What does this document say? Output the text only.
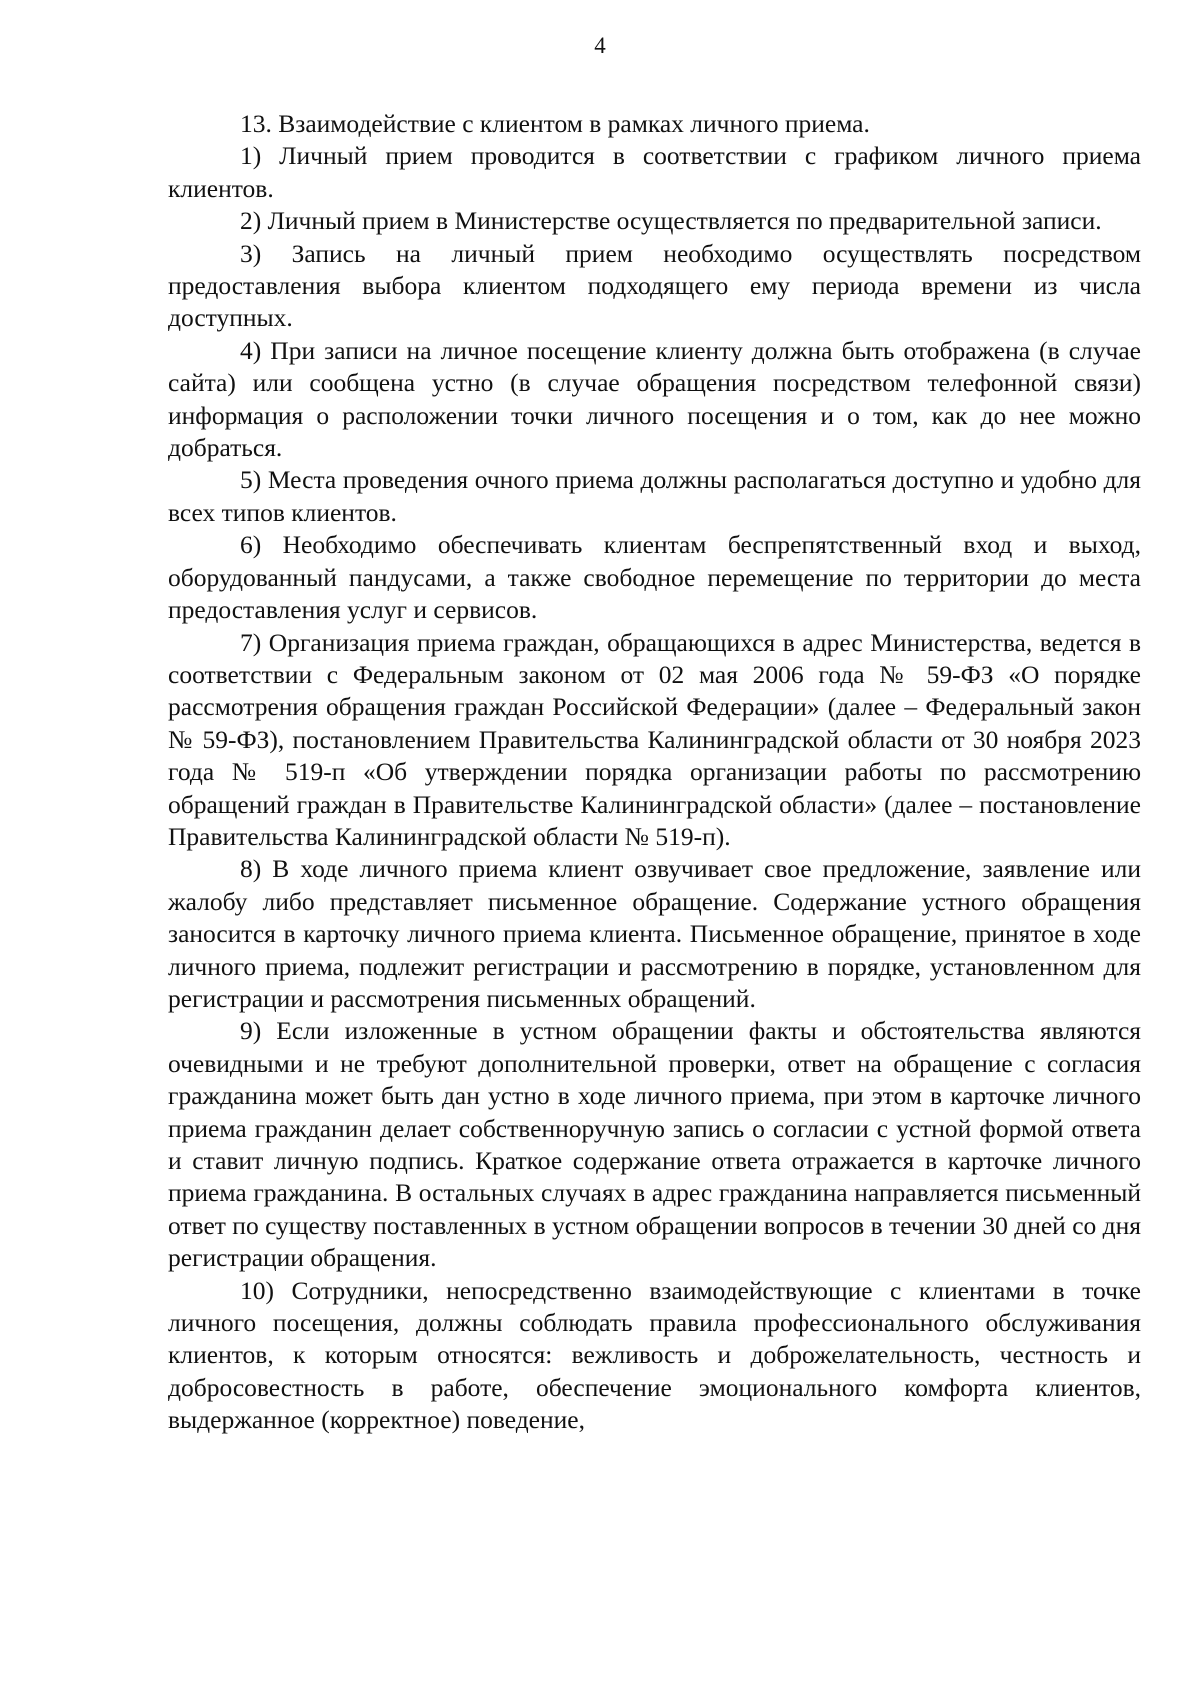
4

13. Взаимодействие с клиентом в рамках личного приема.

1) Личный прием проводится в соответствии с графиком личного приема клиентов.

2) Личный прием в Министерстве осуществляется по предварительной записи.

3) Запись на личный прием необходимо осуществлять посредством предоставления выбора клиентом подходящего ему периода времени из числа доступных.

4) При записи на личное посещение клиенту должна быть отображена (в случае сайта) или сообщена устно (в случае обращения посредством телефонной связи) информация о расположении точки личного посещения и о том, как до нее можно добраться.

5) Места проведения очного приема должны располагаться доступно и удобно для всех типов клиентов.

6) Необходимо обеспечивать клиентам беспрепятственный вход и выход, оборудованный пандусами, а также свободное перемещение по территории до места предоставления услуг и сервисов.

7) Организация приема граждан, обращающихся в адрес Министерства, ведется в соответствии с Федеральным законом от 02 мая 2006 года № 59-ФЗ «О порядке рассмотрения обращения граждан Российской Федерации» (далее – Федеральный закон № 59-ФЗ), постановлением Правительства Калининградской области от 30 ноября 2023 года № 519-п «Об утверждении порядка организации работы по рассмотрению обращений граждан в Правительстве Калининградской области» (далее – постановление Правительства Калининградской области № 519-п).

8) В ходе личного приема клиент озвучивает свое предложение, заявление или жалобу либо представляет письменное обращение. Содержание устного обращения заносится в карточку личного приема клиента. Письменное обращение, принятое в ходе личного приема, подлежит регистрации и рассмотрению в порядке, установленном для регистрации и рассмотрения письменных обращений.

9) Если изложенные в устном обращении факты и обстоятельства являются очевидными и не требуют дополнительной проверки, ответ на обращение с согласия гражданина может быть дан устно в ходе личного приема, при этом в карточке личного приема гражданин делает собственноручную запись о согласии с устной формой ответа и ставит личную подпись. Краткое содержание ответа отражается в карточке личного приема гражданина. В остальных случаях в адрес гражданина направляется письменный ответ по существу поставленных в устном обращении вопросов в течении 30 дней со дня регистрации обращения.

10) Сотрудники, непосредственно взаимодействующие с клиентами в точке личного посещения, должны соблюдать правила профессионального обслуживания клиентов, к которым относятся: вежливость и доброжелательность, честность и добросовестность в работе, обеспечение эмоционального комфорта клиентов, выдержанное (корректное) поведение,
